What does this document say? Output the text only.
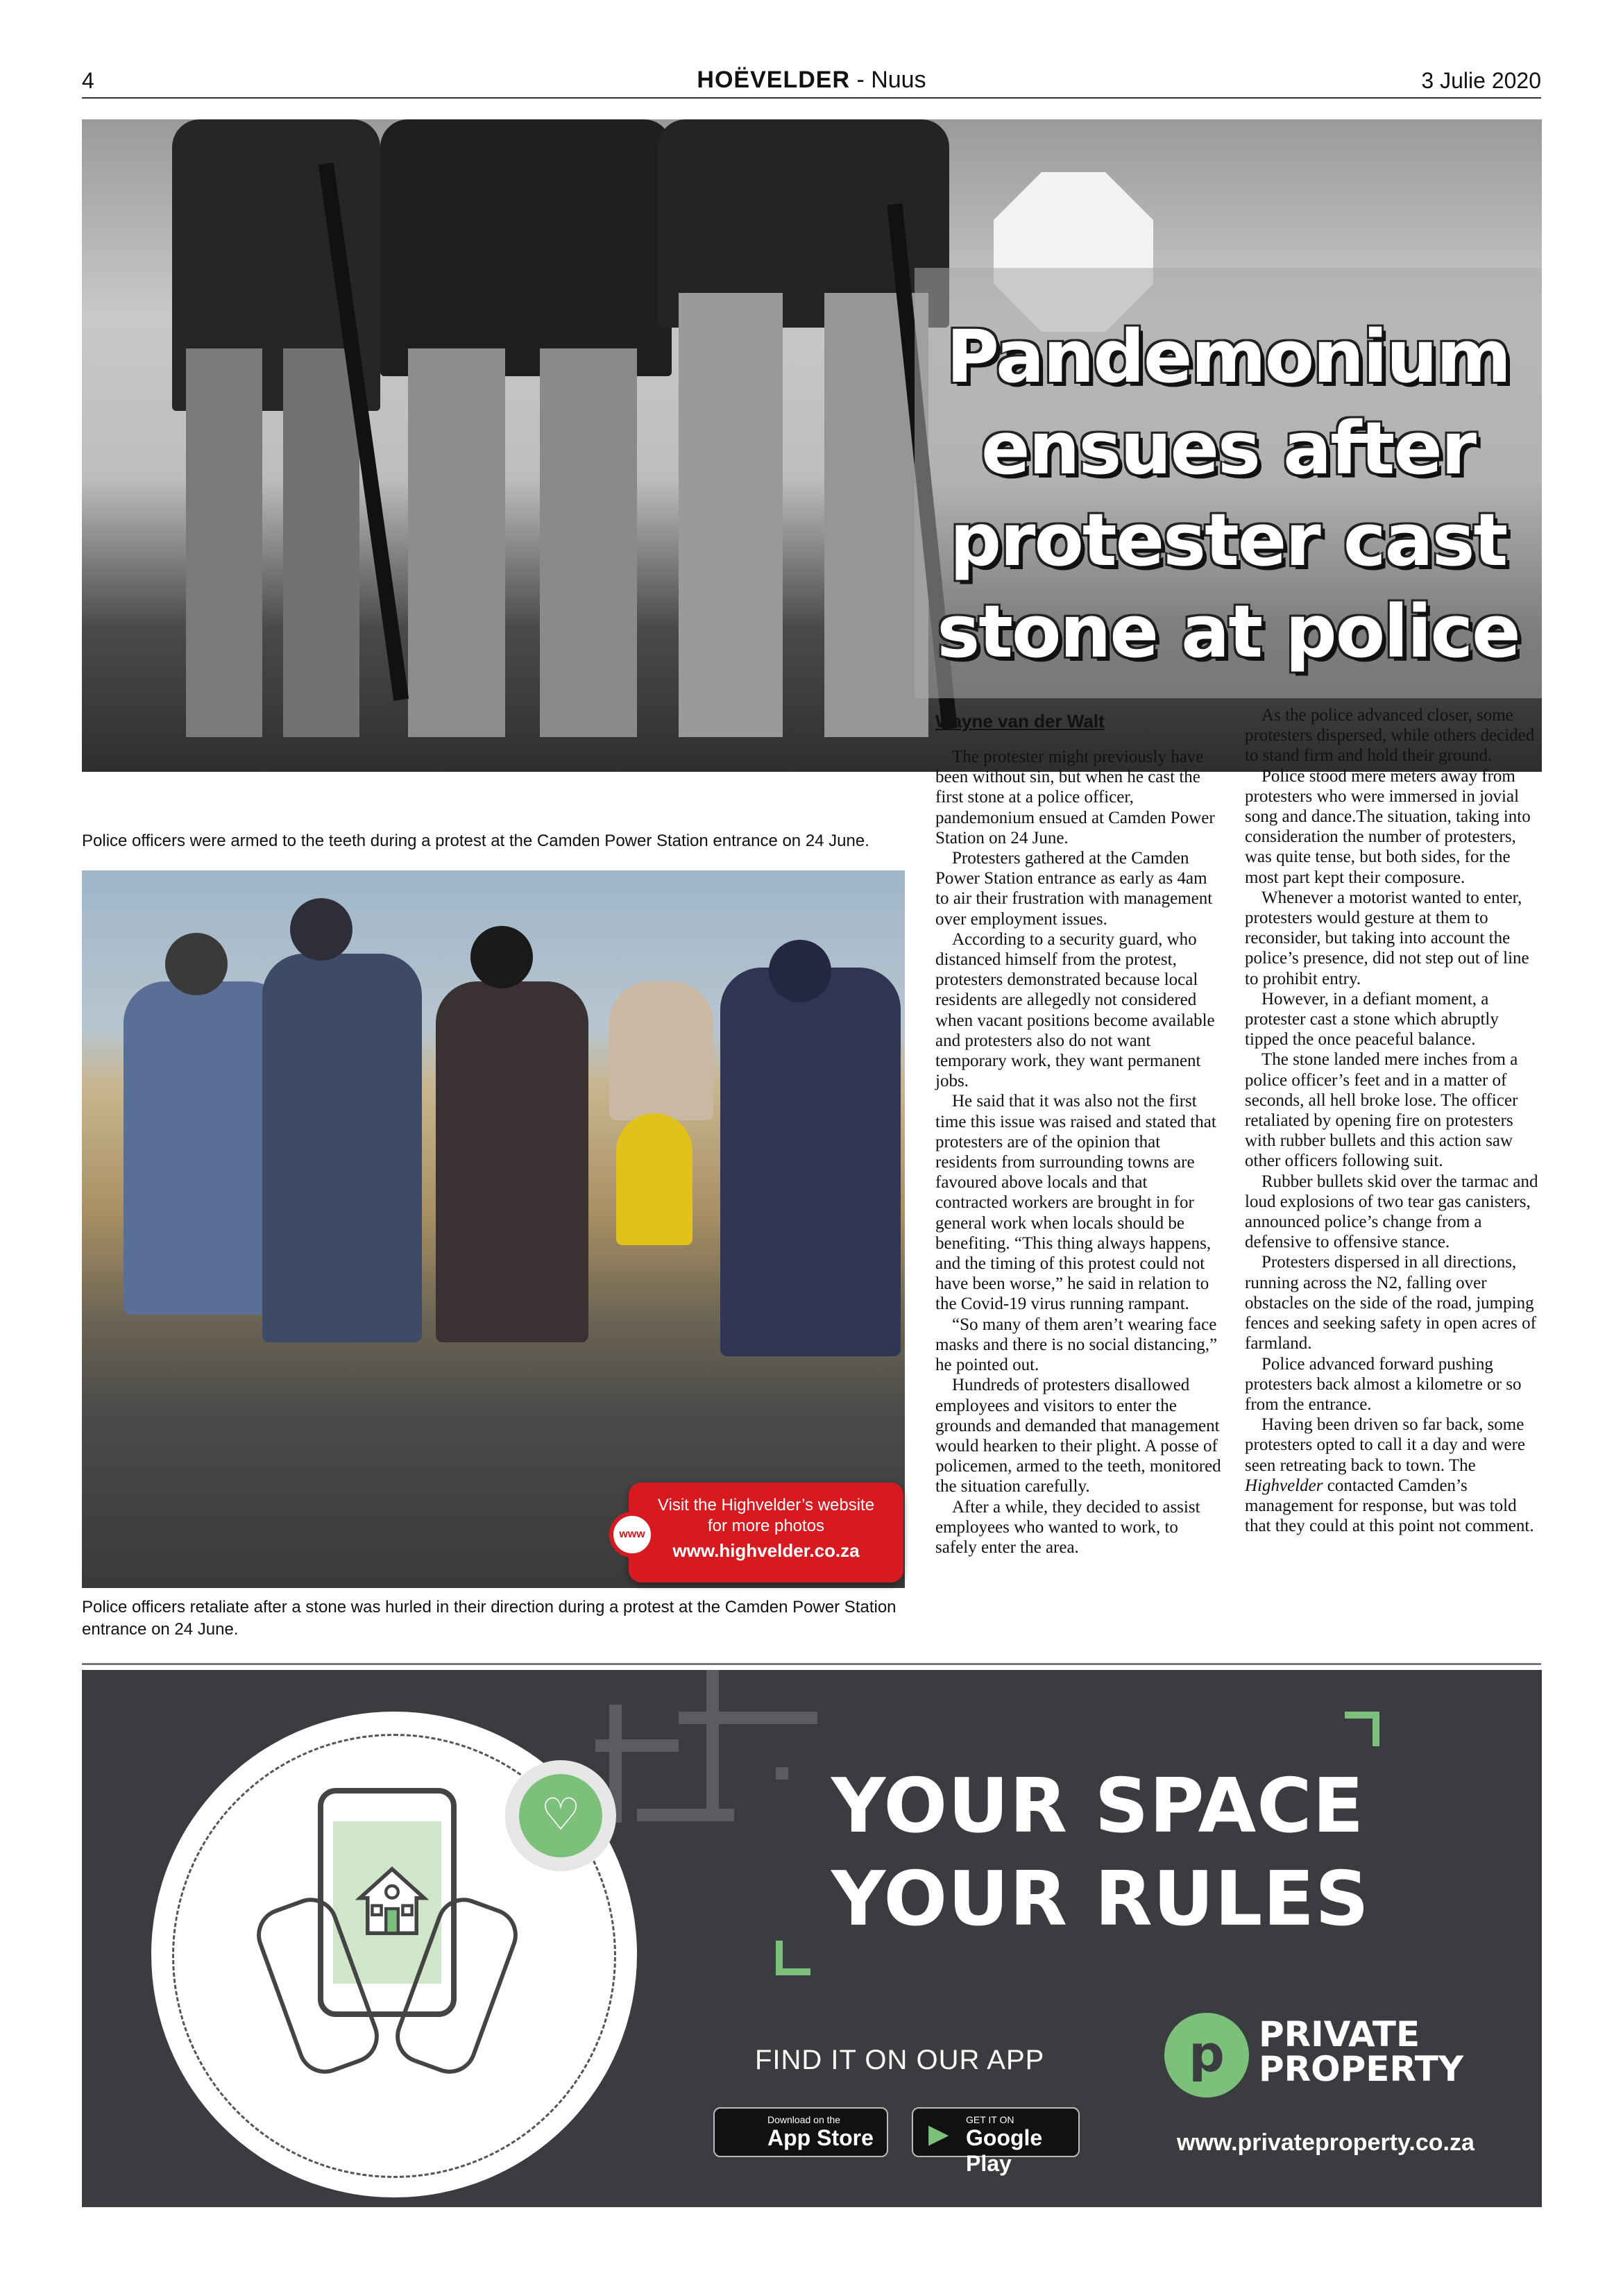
4	HOËVELDER - Nuus	3 Julie 2020
Pandemonium ensues after protester cast stone at police
Police officers were armed to the teeth during a protest at the Camden Power Station entrance on 24 June.
Visit the Highvelder’s website
for more photos
www.highvelder.co.za
www
Police officers retaliate after a stone was hurled in their direction during a protest at the Camden Power Station entrance on 24 June.
Wayne van der Walt

The protester might previously have been without sin, but when he cast the first stone at a police officer, pandemonium ensued at Camden Power Station on 24 June.

Protesters gathered at the Camden Power Station entrance as early as 4am to air their frustration with management over employment issues.

According to a security guard, who distanced himself from the protest, protesters demonstrated because local residents are allegedly not considered when vacant positions become available and protesters also do not want temporary work, they want permanent jobs.

He said that it was also not the first time this issue was raised and stated that protesters are of the opinion that residents from surrounding towns are favoured above locals and that contracted workers are brought in for general work when locals should be benefiting. “This thing always happens, and the timing of this protest could not have been worse,” he said in relation to the Covid-19 virus running rampant.

“So many of them aren’t wearing face masks and there is no social distancing,” he pointed out.

Hundreds of protesters disallowed employees and visitors to enter the grounds and demanded that management would hearken to their plight. A posse of policemen, armed to the teeth, monitored the situation carefully.

After a while, they decided to assist employees who wanted to work, to safely enter the area.

As the police advanced closer, some protesters dispersed, while others decided to stand firm and hold their ground.

Police stood mere meters away from protesters who were immersed in jovial song and dance.The situation, taking into consideration the number of protesters, was quite tense, but both sides, for the most part kept their composure.

Whenever a motorist wanted to enter, protesters would gesture at them to reconsider, but taking into account the police’s presence, did not step out of line to prohibit entry.

However, in a defiant moment, a protester cast a stone which abruptly tipped the once peaceful balance.

The stone landed mere inches from a police officer’s feet and in a matter of seconds, all hell broke lose. The officer retaliated by opening fire on protesters with rubber bullets and this action saw other officers following suit.

Rubber bullets skid over the tarmac and loud explosions of two tear gas canisters, announced police’s change from a defensive to offensive stance.

Protesters dispersed in all directions, running across the N2, falling over obstacles on the side of the road, jumping fences and seeking safety in open acres of farmland.

Police advanced forward pushing protesters back almost a kilometre or so from the entrance.

Having been driven so far back, some protesters opted to call it a day and were seen retreating back to town. The Highvelder contacted Camden’s management for response, but was told that they could at this point not comment.

♡	YOUR SPACE
YOUR RULES
FIND IT ON OUR APP
Download on the
App Store ▶ GET IT ON
Google Play
p PRIVATE
PROPERTY
www.privateproperty.co.za
